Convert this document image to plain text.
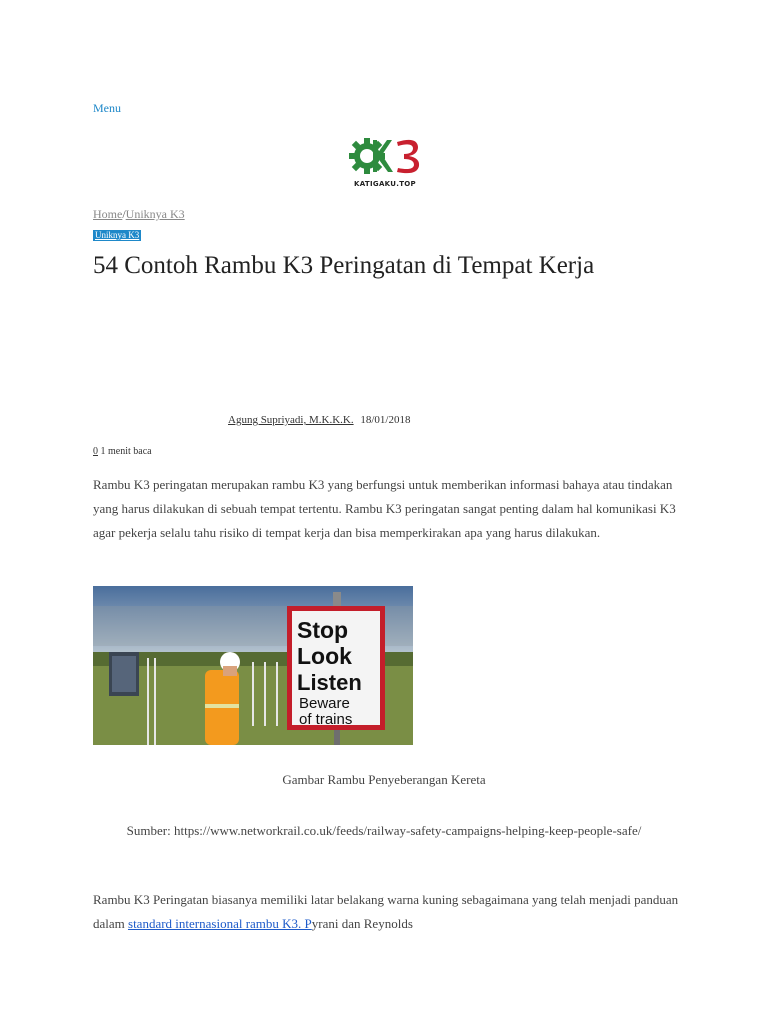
Menu
KATIGAKU.TOP
Home/Uniknya K3
Uniknya K3
54 Contoh Rambu K3 Peringatan di Tempat Kerja
Agung Supriyadi, M.K.K.K. 18/01/2018
0 1 menit baca

Rambu K3 peringatan merupakan rambu K3 yang berfungsi untuk memberikan informasi bahaya atau tindakan yang harus dilakukan di sebuah tempat tertentu. Rambu K3 peringatan sangat penting dalam hal komunikasi K3 agar pekerja selalu tahu risiko di tempat kerja dan bisa memperkirakan apa yang harus dilakukan.

Stop
Look
Listen
Beware
of trains

Gambar Rambu Penyeberangan Kereta

Sumber: https://www.networkrail.co.uk/feeds/railway-safety-campaigns-helping-keep-people-safe/

Rambu K3 Peringatan biasanya memiliki latar belakang warna kuning sebagaimana yang telah menjadi panduan dalam standard internasional rambu K3. Pyrani dan Reynolds
